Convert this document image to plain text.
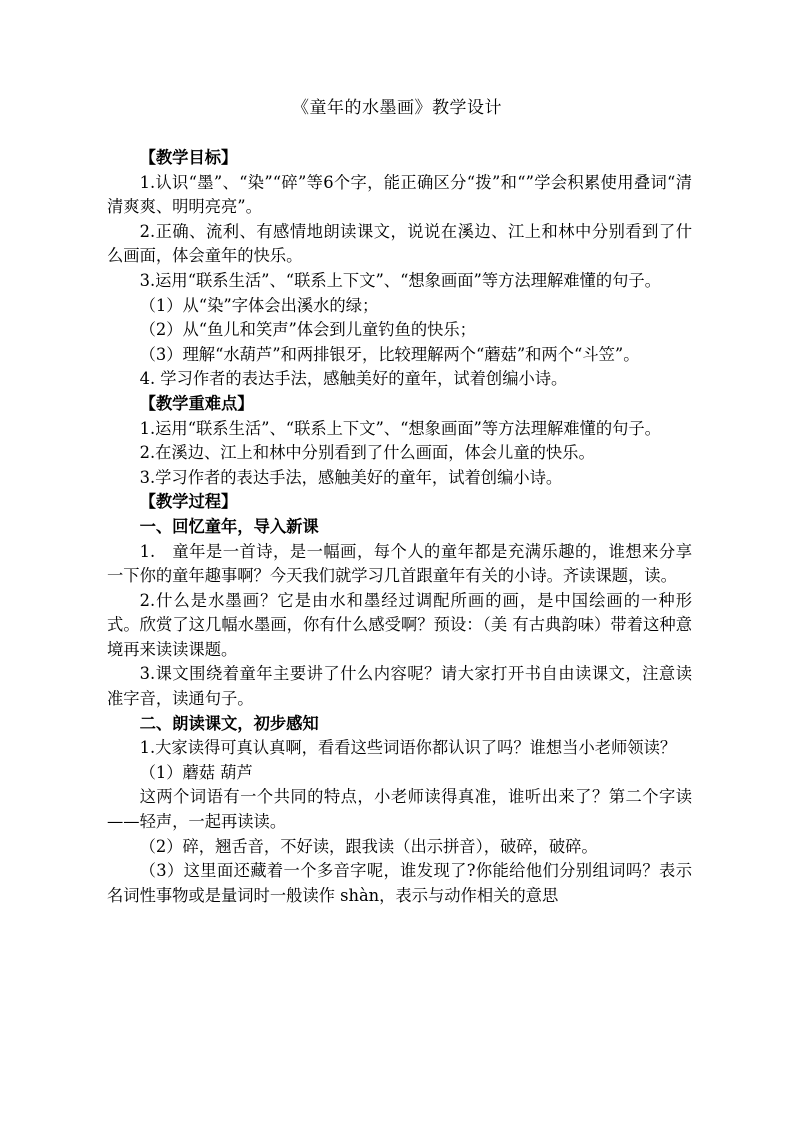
《童年的水墨画》教学设计

【教学目标】

1.认识“墨”、“染”“碎”等6个字，能正确区分“拨”和“”学会积累使用叠词“清清爽爽、明明亮亮”。

2.正确、流利、有感情地朗读课文，说说在溪边、江上和林中分别看到了什么画面，体会童年的快乐。

3.运用“联系生活”、“联系上下文”、“想象画面”等方法理解难懂的句子。

（1）从“染”字体会出溪水的绿；

（2）从“鱼儿和笑声”体会到儿童钓鱼的快乐；

（3）理解“水葫芦”和两排银牙，比较理解两个“蘑菇”和两个“斗笠”。

4. 学习作者的表达手法，感触美好的童年，试着创编小诗。

【教学重难点】

1.运用“联系生活”、“联系上下文”、“想象画面”等方法理解难懂的句子。

2.在溪边、江上和林中分别看到了什么画面，体会儿童的快乐。

3.学习作者的表达手法，感触美好的童年，试着创编小诗。

【教学过程】

一、回忆童年，导入新课

1.　童年是一首诗，是一幅画，每个人的童年都是充满乐趣的，谁想来分享一下你的童年趣事啊？今天我们就学习几首跟童年有关的小诗。齐读课题，读。

2.什么是水墨画？它是由水和墨经过调配所画的画，是中国绘画的一种形式。欣赏了这几幅水墨画，你有什么感受啊？预设：（美 有古典韵味）带着这种意境再来读读课题。

3.课文围绕着童年主要讲了什么内容呢？请大家打开书自由读课文，注意读准字音，读通句子。

二、朗读课文，初步感知

1.大家读得可真认真啊，看看这些词语你都认识了吗？谁想当小老师领读？

（1）蘑菇 葫芦

这两个词语有一个共同的特点，小老师读得真准，谁听出来了？第二个字读——轻声，一起再读读。

（2）碎，翘舌音，不好读，跟我读（出示拼音），破碎，破碎。

（3）这里面还藏着一个多音字呢，谁发现了?你能给他们分别组词吗？表示名词性事物或是量词时一般读作 shàn，表示与动作相关的意思
